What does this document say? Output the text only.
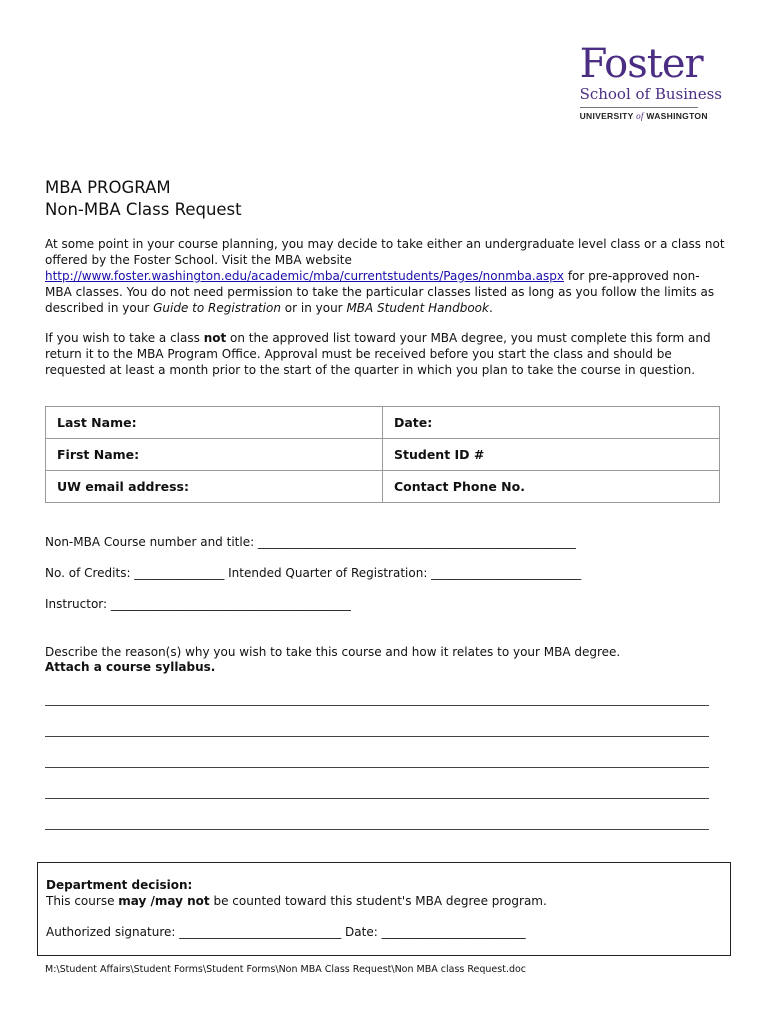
Foster
School of Business
UNIVERSITY of WASHINGTON
MBA PROGRAM
Non-MBA Class Request
At some point in your course planning, you may decide to take either an undergraduate level class or a class not offered by the Foster School. Visit the MBA website http://www.foster.washington.edu/academic/mba/currentstudents/Pages/nonmba.aspx for pre-approved non-MBA classes. You do not need permission to take the particular classes listed as long as you follow the limits as described in your Guide to Registration or in your MBA Student Handbook.
If you wish to take a class not on the approved list toward your MBA degree, you must complete this form and return it to the MBA Program Office. Approval must be received before you start the class and should be requested at least a month prior to the start of the quarter in which you plan to take the course in question.
Last Name:	Date:
First Name:	Student ID #
UW email address:	Contact Phone No.
Non-MBA Course number and title: _____________________________________________________
No. of Credits: _______________ Intended Quarter of Registration: _________________________
Instructor: ________________________________________
Describe the reason(s) why you wish to take this course and how it relates to your MBA degree.
Attach a course syllabus.
Department decision:
This course may /may not be counted toward this student's MBA degree program.
Authorized signature: ___________________________ Date: ________________________
M:\Student Affairs\Student Forms\Student Forms\Non MBA Class Request\Non MBA class Request.doc
